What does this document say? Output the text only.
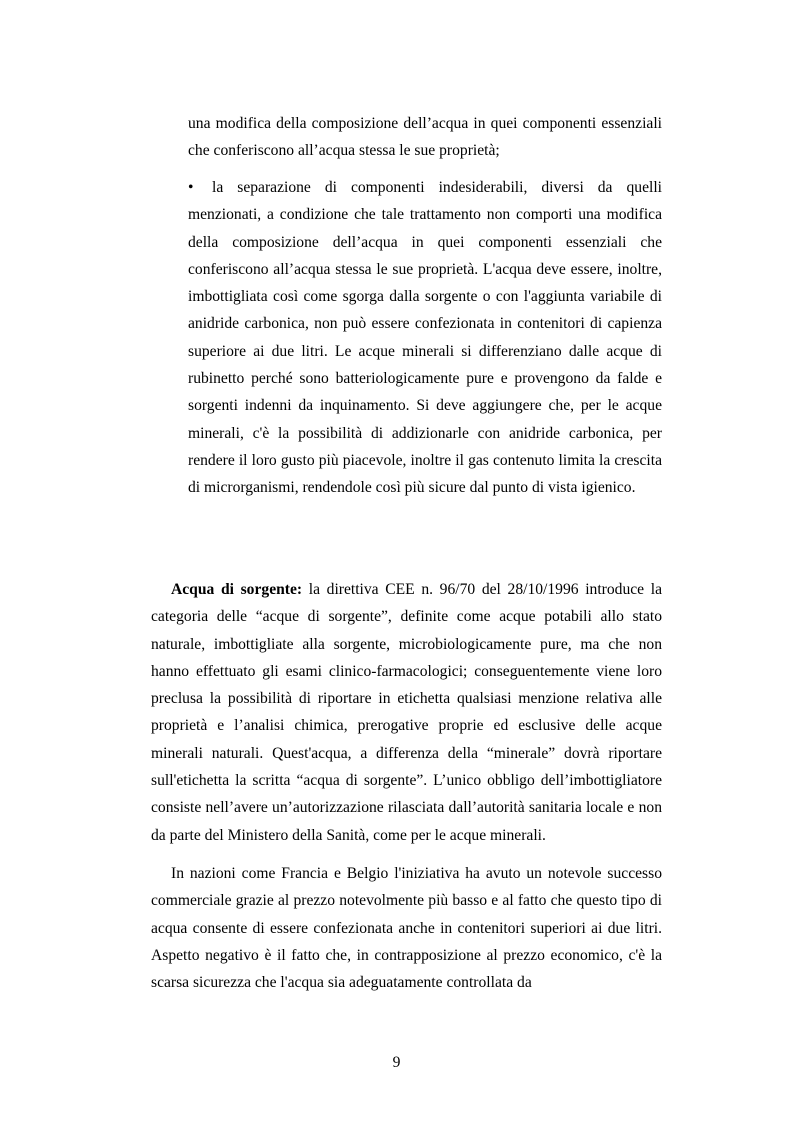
una modifica della composizione dell’acqua in quei componenti essenziali che conferiscono all’acqua stessa le sue proprietà;

• la separazione di componenti indesiderabili, diversi da quelli menzionati, a condizione che tale trattamento non comporti una modifica della composizione dell’acqua in quei componenti essenziali che conferiscono all’acqua stessa le sue proprietà. L'acqua deve essere, inoltre, imbottigliata così come sgorga dalla sorgente o con l'aggiunta variabile di anidride carbonica, non può essere confezionata in contenitori di capienza superiore ai due litri. Le acque minerali si differenziano dalle acque di rubinetto perché sono batteriologicamente pure e provengono da falde e sorgenti indenni da inquinamento. Si deve aggiungere che, per le acque minerali, c'è la possibilità di addizionarle con anidride carbonica, per rendere il loro gusto più piacevole, inoltre il gas contenuto limita la crescita di microrganismi, rendendole così più sicure dal punto di vista igienico.

Acqua di sorgente: la direttiva CEE n. 96/70 del 28/10/1996 introduce la categoria delle “acque di sorgente”, definite come acque potabili allo stato naturale, imbottigliate alla sorgente, microbiologicamente pure, ma che non hanno effettuato gli esami clinico-farmacologici; conseguentemente viene loro preclusa la possibilità di riportare in etichetta qualsiasi menzione relativa alle proprietà e l’analisi chimica, prerogative proprie ed esclusive delle acque minerali naturali. Quest'acqua, a differenza della “minerale” dovrà riportare sull'etichetta la scritta “acqua di sorgente”. L’unico obbligo dell’imbottigliatore consiste nell’avere un’autorizzazione rilasciata dall’autorità sanitaria locale e non da parte del Ministero della Sanità, come per le acque minerali.

In nazioni come Francia e Belgio l'iniziativa ha avuto un notevole successo commerciale grazie al prezzo notevolmente più basso e al fatto che questo tipo di acqua consente di essere confezionata anche in contenitori superiori ai due litri. Aspetto negativo è il fatto che, in contrapposizione al prezzo economico, c'è la scarsa sicurezza che l'acqua sia adeguatamente controllata da

9
